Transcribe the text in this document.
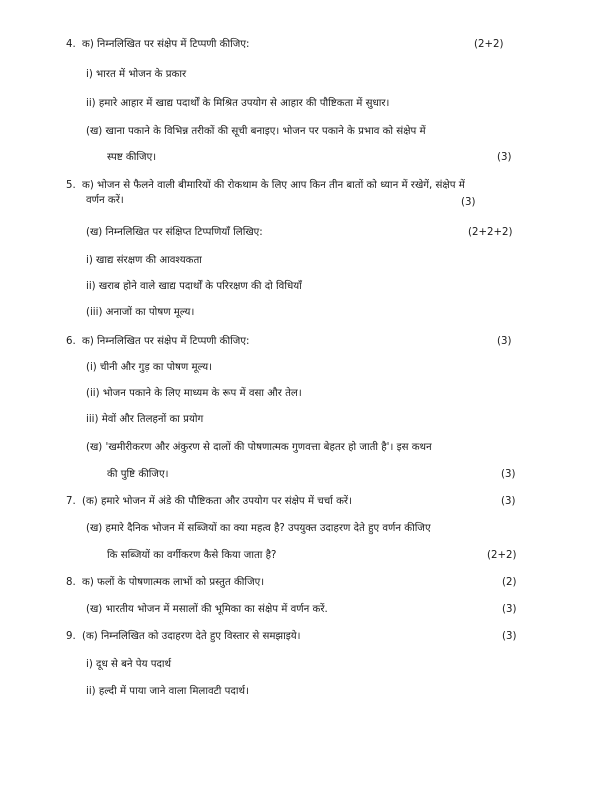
4. क) निम्नलिखित पर संक्षेप में टिप्पणी कीजिए:	(2+2)
i) भारत में भोजन के प्रकार
ii) हमारे आहार में खाद्य पदार्थों के मिश्रित उपयोग से आहार की पौष्टिकता में सुधार।
(ख) खाना पकाने के विभिन्न तरीकों की सूची बनाइए। भोजन पर पकाने के प्रभाव को संक्षेप में
स्पष्ट कीजिए।	(3)
5. क) भोजन से फैलने वाली बीमारियों की रोकथाम के लिए आप किन तीन बातों को ध्यान में रखेगें, संक्षेप में
वर्णन करें।	(3)
(ख) निम्नलिखित पर संक्षिप्त टिप्पणियाँ लिखिए:	(2+2+2)
i) खाद्य संरक्षण की आवश्यकता
ii) खराब होने वाले खाद्य पदार्थों के परिरक्षण की दो विधियाँ
(iii) अनाजों का पोषण मूल्य।
6. क) निम्नलिखित पर संक्षेप में टिप्पणी कीजिए:	(3)
(i) चीनी और गुड़ का पोषण मूल्य।
(ii) भोजन पकाने के लिए माध्यम के रूप में वसा और तेल।
iii) मेवों और तिलहनों का प्रयोग
(ख) 'खमीरीकरण और अंकुरण से दालों की पोषणात्मक गुणवत्ता बेहतर हो जाती है'। इस कथन
की पुष्टि कीजिए।	(3)
7. (क) हमारे भोजन में अंडे की पौष्टिकता और उपयोग पर संक्षेप में चर्चा करें।	(3)
(ख) हमारे दैनिक भोजन में सब्जियों का क्या महत्व है? उपयुक्त उदाहरण देते हुए वर्णन कीजिए
कि सब्जियों का वर्गीकरण कैसे किया जाता है?	(2+2)
8. क) फलों के पोषणात्मक लाभों को प्रस्तुत कीजिए।	(2)
(ख) भारतीय भोजन में मसालों की भूमिका का संक्षेप में वर्णन करें.	(3)
9. (क) निम्नलिखित को उदाहरण देते हुए विस्तार से समझाइये।	(3)
i) दूध से बने पेय पदार्थ
ii) हल्दी में पाया जाने वाला मिलावटी पदार्थ।
